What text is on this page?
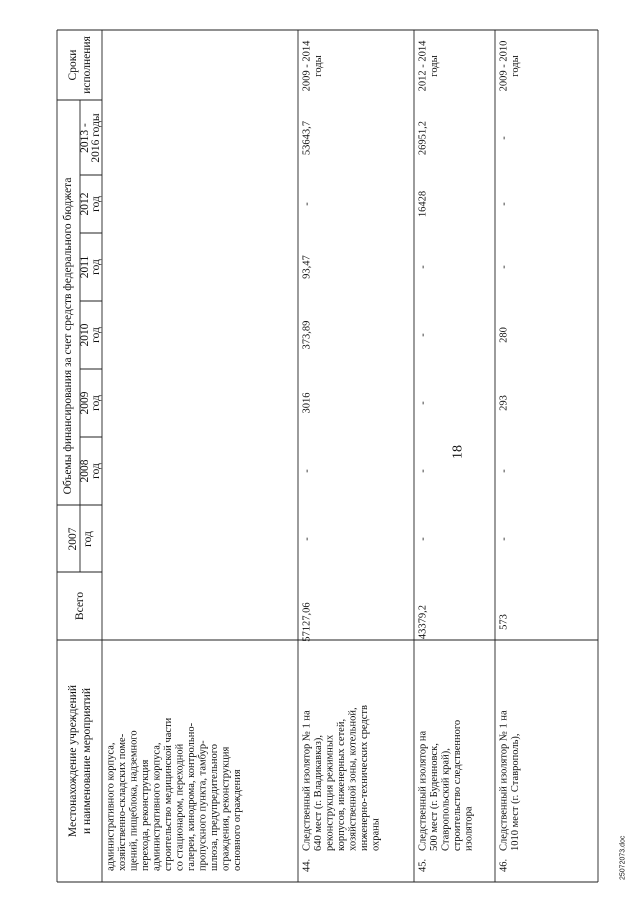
18
Местонахождение учреждений и наименование мероприятий
Всего
Объемы финансирования за счет средств федерального бюджета
2007 год
2008 год
2009 год
2010 год
2011 год
2012 год
2013 - 2016 годы
Сроки исполнения
административного корпуса, хозяйственно-складских поме- щений, пищеблока, надземного перехода, реконструкция административного корпуса, строительство медицинской части со стационаром, переходной галереи, кинодрома, контрольно- пропускного пункта, тамбур- шлюза, предупредительного ограждения, реконструкция основного ограждения	44.
Следственный изолятор № 1 на 640 мест (г. Владикавказ), реконструкция режимных корпусов, инженерных сетей, хозяйственной зоны, котельной, инженерно-технических средств охраны
57127,06
-
-
3016
373,89
93,47
-
53643,7
2009 - 2014 годы
45.
Следственный изолятор на 500 мест (г. Буденновск, Ставропольский край), строительство следственного изолятора
43379,2
-
-
-
-
-
16428
26951,2
2012 - 2014 годы
46.
Следственный изолятор № 1 на 1010 мест (г. Ставрополь),
573
-
-
293
280
-
-
-
2009 - 2010 годы
25072073.doc
